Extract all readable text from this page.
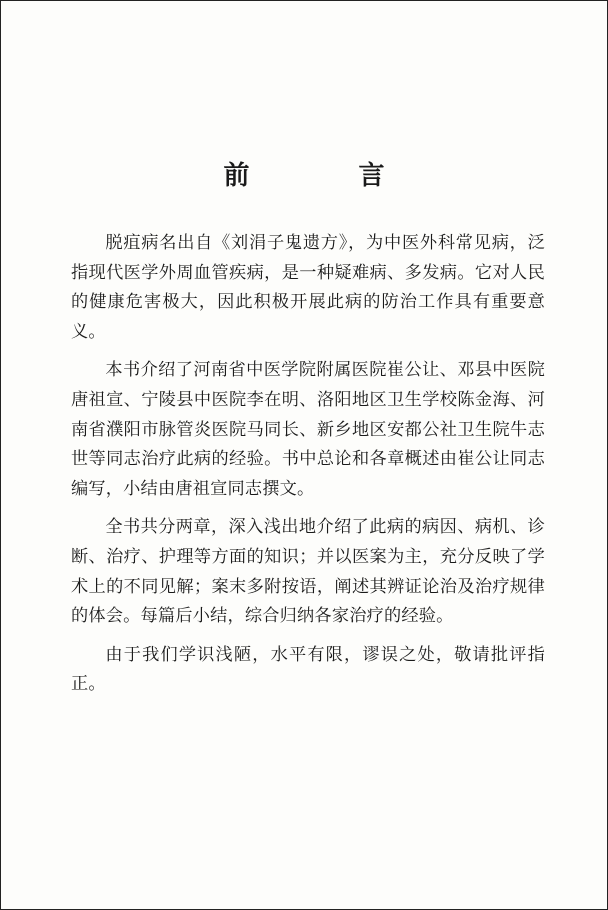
前 言

脱疽病名出自《刘涓子鬼遗方》，为中医外科常见病，泛指现代医学外周血管疾病，是一种疑难病、多发病。它对人民的健康危害极大，因此积极开展此病的防治工作具有重要意义。

本书介绍了河南省中医学院附属医院崔公让、邓县中医院唐祖宣、宁陵县中医院李在明、洛阳地区卫生学校陈金海、河南省濮阳市脉管炎医院马同长、新乡地区安都公社卫生院牛志世等同志治疗此病的经验。书中总论和各章概述由崔公让同志编写，小结由唐祖宣同志撰文。

全书共分两章，深入浅出地介绍了此病的病因、病机、诊断、治疗、护理等方面的知识；并以医案为主，充分反映了学术上的不同见解；案末多附按语，阐述其辨证论治及治疗规律的体会。每篇后小结，综合归纳各家治疗的经验。

由于我们学识浅陋，水平有限，谬误之处，敬请批评指正。
